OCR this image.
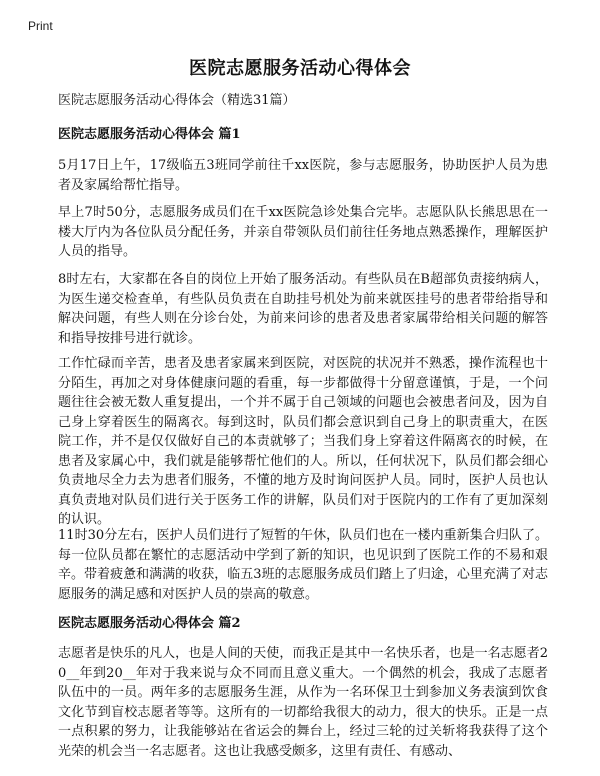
Print
医院志愿服务活动心得体会
医院志愿服务活动心得体会（精选31篇）
医院志愿服务活动心得体会 篇1
5月17日上午，17级临五3班同学前往千xx医院，参与志愿服务，协助医护人员为患者及家属给帮忙指导。
早上7时50分，志愿服务成员们在千xx医院急诊处集合完毕。志愿队队长熊思思在一楼大厅内为各位队员分配任务，并亲自带领队员们前往任务地点熟悉操作，理解医护人员的指导。
8时左右，大家都在各自的岗位上开始了服务活动。有些队员在B超部负责接纳病人，为医生递交检查单，有些队员负责在自助挂号机处为前来就医挂号的患者带给指导和解决问题，有些人则在分诊台处，为前来问诊的患者及患者家属带给相关问题的解答和指导按排号进行就诊。
工作忙碌而辛苦，患者及患者家属来到医院，对医院的状况并不熟悉，操作流程也十分陌生，再加之对身体健康问题的看重，每一步都做得十分留意谨慎，于是，一个问题往往会被无数人重复提出，一个并不属于自己领域的问题也会被患者问及，因为自己身上穿着医生的隔离衣。每到这时，队员们都会意识到自己身上的职责重大，在医院工作，并不是仅仅做好自己的本责就够了；当我们身上穿着这件隔离衣的时候，在患者及家属心中，我们就是能够帮忙他们的人。所以，任何状况下，队员们都会细心负责地尽全力去为患者们服务，不懂的地方及时询问医护人员。同时，医护人员也认真负责地对队员们进行关于医务工作的讲解，队员们对于医院内的工作有了更加深刻的认识。
11时30分左右，医护人员们进行了短暂的午休，队员们也在一楼内重新集合归队了。每一位队员都在繁忙的志愿活动中学到了新的知识，也见识到了医院工作的不易和艰辛。带着疲惫和满满的收获，临五3班的志愿服务成员们踏上了归途，心里充满了对志愿服务的满足感和对医护人员的崇高的敬意。
医院志愿服务活动心得体会 篇2
志愿者是快乐的凡人，也是人间的天使，而我正是其中一名快乐者，也是一名志愿者20__年到20__年对于我来说与众不同而且意义重大。一个偶然的机会，我成了志愿者队伍中的一员。两年多的志愿服务生涯，从作为一名环保卫士到参加义务表演到饮食文化节到盲校志愿者等等。这所有的一切都给我很大的动力，很大的快乐。正是一点一点积累的努力，让我能够站在省运会的舞台上，经过三轮的过关斩将我获得了这个光荣的机会当一名志愿者。这也让我感受颇多，这里有责任、有感动、
